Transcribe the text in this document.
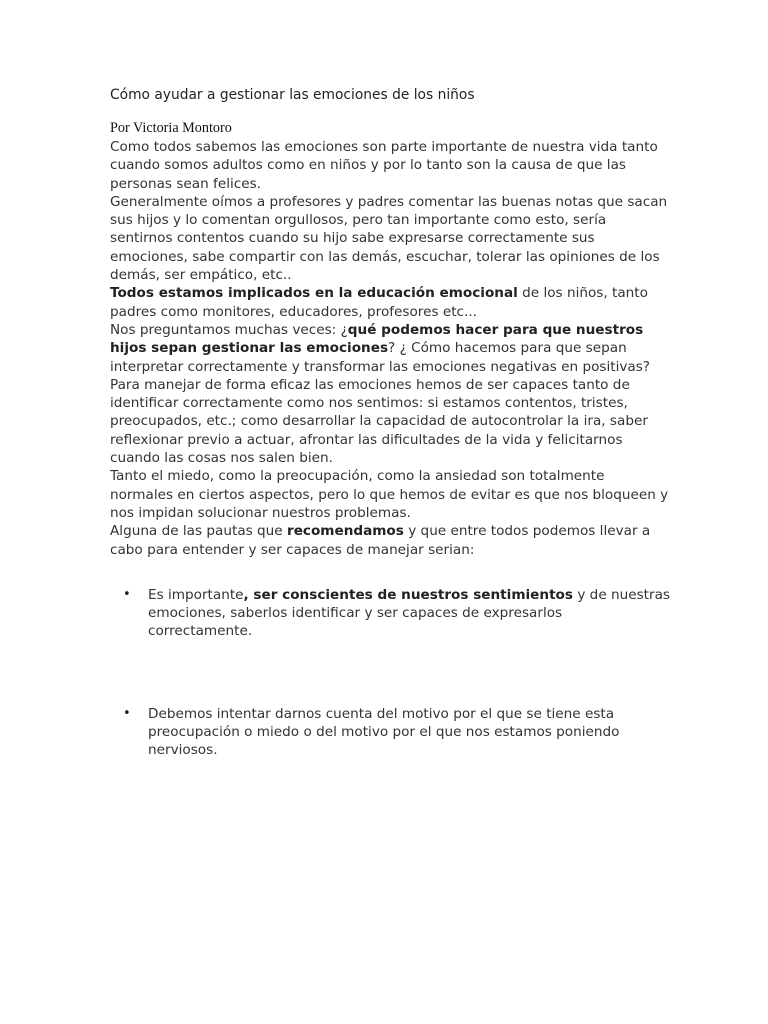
Cómo ayudar a gestionar las emociones de los niños
Por Victoria Montoro

Como todos sabemos las emociones son parte importante de nuestra vida tanto cuando somos adultos como en niños y por lo tanto son la causa de que las personas sean felices.

Generalmente oímos a profesores y padres comentar las buenas notas que sacan sus hijos y lo comentan orgullosos, pero tan importante como esto, sería sentirnos contentos cuando su hijo sabe expresarse correctamente sus emociones, sabe compartir con las demás, escuchar, tolerar las opiniones de los demás, ser empático, etc..

Todos estamos implicados en la educación emocional de los niños, tanto padres como monitores, educadores, profesores etc...

Nos preguntamos muchas veces: ¿qué podemos hacer para que nuestros hijos sepan gestionar las emociones? ¿ Cómo hacemos para que sepan interpretar correctamente y transformar las emociones negativas en positivas?

Para manejar de forma eficaz las emociones hemos de ser capaces tanto de identificar correctamente como nos sentimos: si estamos contentos, tristes, preocupados, etc.; como desarrollar la capacidad de autocontrolar la ira, saber reflexionar previo a actuar, afrontar las dificultades de la vida y felicitarnos cuando las cosas nos salen bien.

Tanto el miedo, como la preocupación, como la ansiedad son totalmente normales en ciertos aspectos, pero lo que hemos de evitar es que nos bloqueen y nos impidan solucionar nuestros problemas.

Alguna de las pautas que recomendamos y que entre todos podemos llevar a cabo para entender y ser capaces de manejar serian:

• Es importante, ser conscientes de nuestros sentimientos y de nuestras emociones, saberlos identificar y ser capaces de expresarlos correctamente.
• Debemos intentar darnos cuenta del motivo por el que se tiene esta preocupación o miedo o del motivo por el que nos estamos poniendo nerviosos.
